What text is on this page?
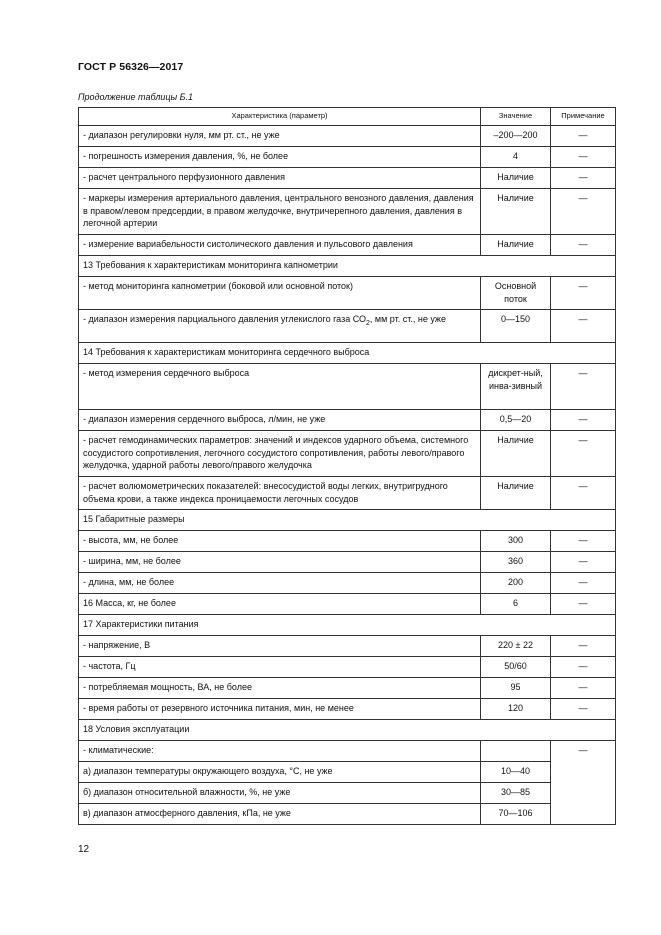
ГОСТ Р 56326—2017
Продолжение таблицы Б.1
Характеристика (параметр)	Значение	Примечание
- диапазон регулировки нуля, мм рт. ст., не уже	–200—200	—
- погрешность измерения давления, %, не более	4	—
- расчет центрального перфузионного давления	Наличие	—
- маркеры измерения артериального давления, центрального венозного давления, давления в правом/левом предсердии, в правом желудочке, внутричерепного давления, давления в легочной артерии	Наличие	—
- измерение вариабельности систолического давления и пульсового давления	Наличие	—
13 Требования к характеристикам мониторинга капнометрии		
- метод мониторинга капнометрии (боковой или основной поток)	Основной поток	—
- диапазон измерения парциального давления углекислого газа $СО_2$, мм рт. ст., не уже	0—150	—
14 Требования к характеристикам мониторинга сердечного выброса		
- метод измерения сердечного выброса	дискрет-ный, инва-зивный	—
- диапазон измерения сердечного выброса, л/мин, не уже	0,5—20	—
- расчет гемодинамических параметров: значений и индексов ударного объема, системного сосудистого сопротивления, легочного сосудистого сопротивления, работы левого/правого желудочка, ударной работы левого/правого желудочка	Наличие	—
- расчет волюмометрических показателей: внесосудистой воды легких, внутригрудного объема крови, а также индекса проницаемости легочных сосудов	Наличие	—
15 Габаритные размеры		
- высота, мм, не более	300	—
- ширина, мм, не более	360	—
- длина, мм, не более	200	—
16 Масса, кг, не более	6	—
17 Характеристики питания		
- напряжение, В	220 ± 22	—
- частота, Гц	50/60	—
- потребляемая мощность, ВА, не более	95	—
- время работы от резервного источника питания, мин, не менее	120	—
18 Условия эксплуатации		
- климатические:		—
а) диапазон температуры окружающего воздуха, °С, не уже	10—40	
б) диапазон относительной влажности, %, не уже	30—85	
в) диапазон атмосферного давления, кПа, не уже	70—106	
12
